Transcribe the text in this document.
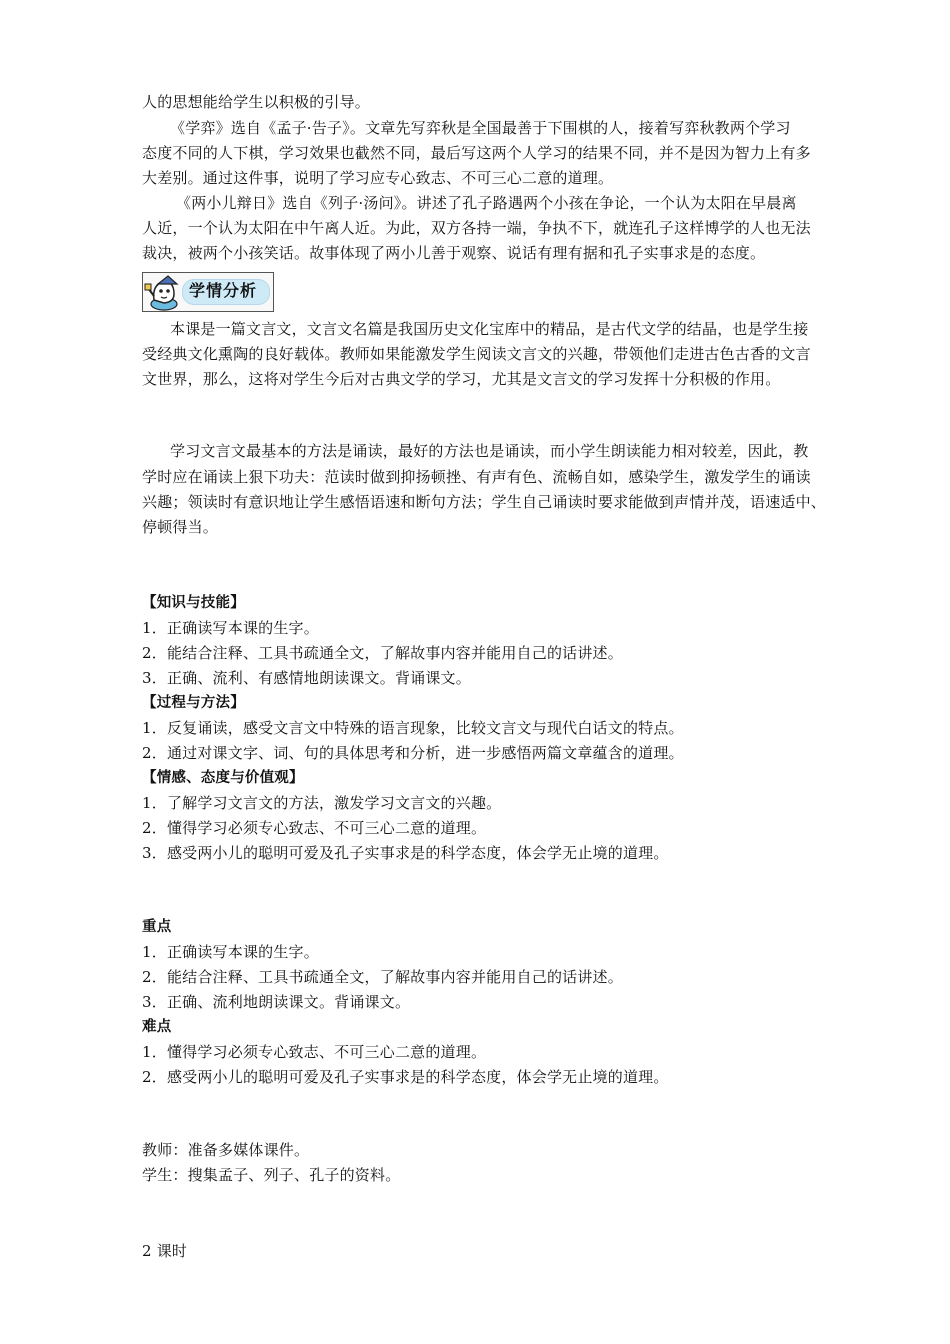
人的思想能给学生以积极的引导。
《学弈》选自《孟子·告子》。文章先写弈秋是全国最善于下围棋的人，接着写弈秋教两个学习
态度不同的人下棋，学习效果也截然不同，最后写这两个人学习的结果不同，并不是因为智力上有多
大差别。通过这件事，说明了学习应专心致志、不可三心二意的道理。
《两小儿辩日》选自《列子·汤问》。讲述了孔子路遇两个小孩在争论，一个认为太阳在早晨离
人近，一个认为太阳在中午离人近。为此，双方各持一端，争执不下，就连孔子这样博学的人也无法
裁决，被两个小孩笑话。故事体现了两小儿善于观察、说话有理有据和孔子实事求是的态度。
学情分析
本课是一篇文言文，文言文名篇是我国历史文化宝库中的精品，是古代文学的结晶，也是学生接
受经典文化熏陶的良好载体。教师如果能激发学生阅读文言文的兴趣，带领他们走进古色古香的文言
文世界，那么，这将对学生今后对古典文学的学习，尤其是文言文的学习发挥十分积极的作用。
学习文言文最基本的方法是诵读，最好的方法也是诵读，而小学生朗读能力相对较差，因此，教
学时应在诵读上狠下功夫：范读时做到抑扬顿挫、有声有色、流畅自如，感染学生，激发学生的诵读
兴趣；领读时有意识地让学生感悟语速和断句方法；学生自己诵读时要求能做到声情并茂，语速适中、
停顿得当。
【知识与技能】
1．正确读写本课的生字。
2．能结合注释、工具书疏通全文，了解故事内容并能用自己的话讲述。
3．正确、流利、有感情地朗读课文。背诵课文。
【过程与方法】
1．反复诵读，感受文言文中特殊的语言现象，比较文言文与现代白话文的特点。
2．通过对课文字、词、句的具体思考和分析，进一步感悟两篇文章蕴含的道理。
【情感、态度与价值观】
1．了解学习文言文的方法，激发学习文言文的兴趣。
2．懂得学习必须专心致志、不可三心二意的道理。
3．感受两小儿的聪明可爱及孔子实事求是的科学态度，体会学无止境的道理。
重点
1．正确读写本课的生字。
2．能结合注释、工具书疏通全文，了解故事内容并能用自己的话讲述。
3．正确、流利地朗读课文。背诵课文。
难点
1．懂得学习必须专心致志、不可三心二意的道理。
2．感受两小儿的聪明可爱及孔子实事求是的科学态度，体会学无止境的道理。
教师：准备多媒体课件。
学生：搜集孟子、列子、孔子的资料。
2 课时
